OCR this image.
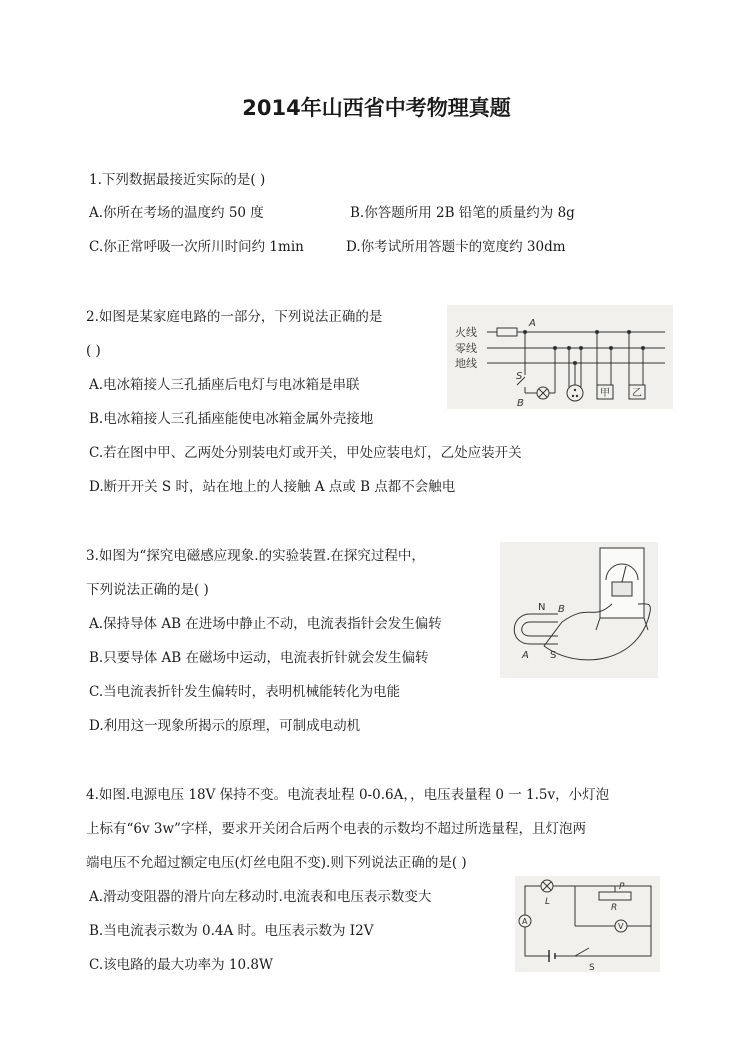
2014年山西省中考物理真题
1.下列数据最接近实际的是( )
A.你所在考场的温度约 50 度	B.你答题所用 2B 铅笔的质量约为 8g
C.你正常呼吸一次所川时问约 1min	D.你考试所用答题卡的宽度约 30dm
2.如图是某家庭电路的一部分，下列说法正确的是
( )
A.电冰箱接人三孔插座后电灯与电冰箱是串联
B.电冰箱接人三孔插座能使电冰箱金属外壳接地
C.若在图中甲、乙两处分别装电灯或开关，甲处应装电灯，乙处应装开关
D.断开开关 S 时，站在地上的人接触 A 点或 B 点都不会触电
火线
零线
地线
A
S
B
甲 乙
3.如图为“探究电磁感应现象.的实验装置.在探究过程中，
下列说法正确的是( )
A.保持导体 AB 在进场中静止不动，电流表指针会发生偏转
B.只要导体 AB 在磁场中运动，电流表折针就会发生偏转
C.当电流表折针发生偏转时，表明机械能转化为电能
D.利用这一现象所揭示的原理，可制成电动机
N B
A S
4.如图.电源电压 18V 保持不变。电流表址程 0-0.6A，，电压表量程 0 一 1.5v，小灯泡
上标有“6v 3w”字样，要求开关闭合后两个电表的示数均不超过所选量程，且灯泡两
端电压不允超过额定电压(灯丝电阻不变).则下列说法正确的是( )
A.滑动变阻器的滑片向左移动时.电流表和电压表示数变大
B.当电流表示数为 0.4A 时。电压表示数为 I2V
C.该电路的最大功率为 10.8W
L
P
R
A
V
S
